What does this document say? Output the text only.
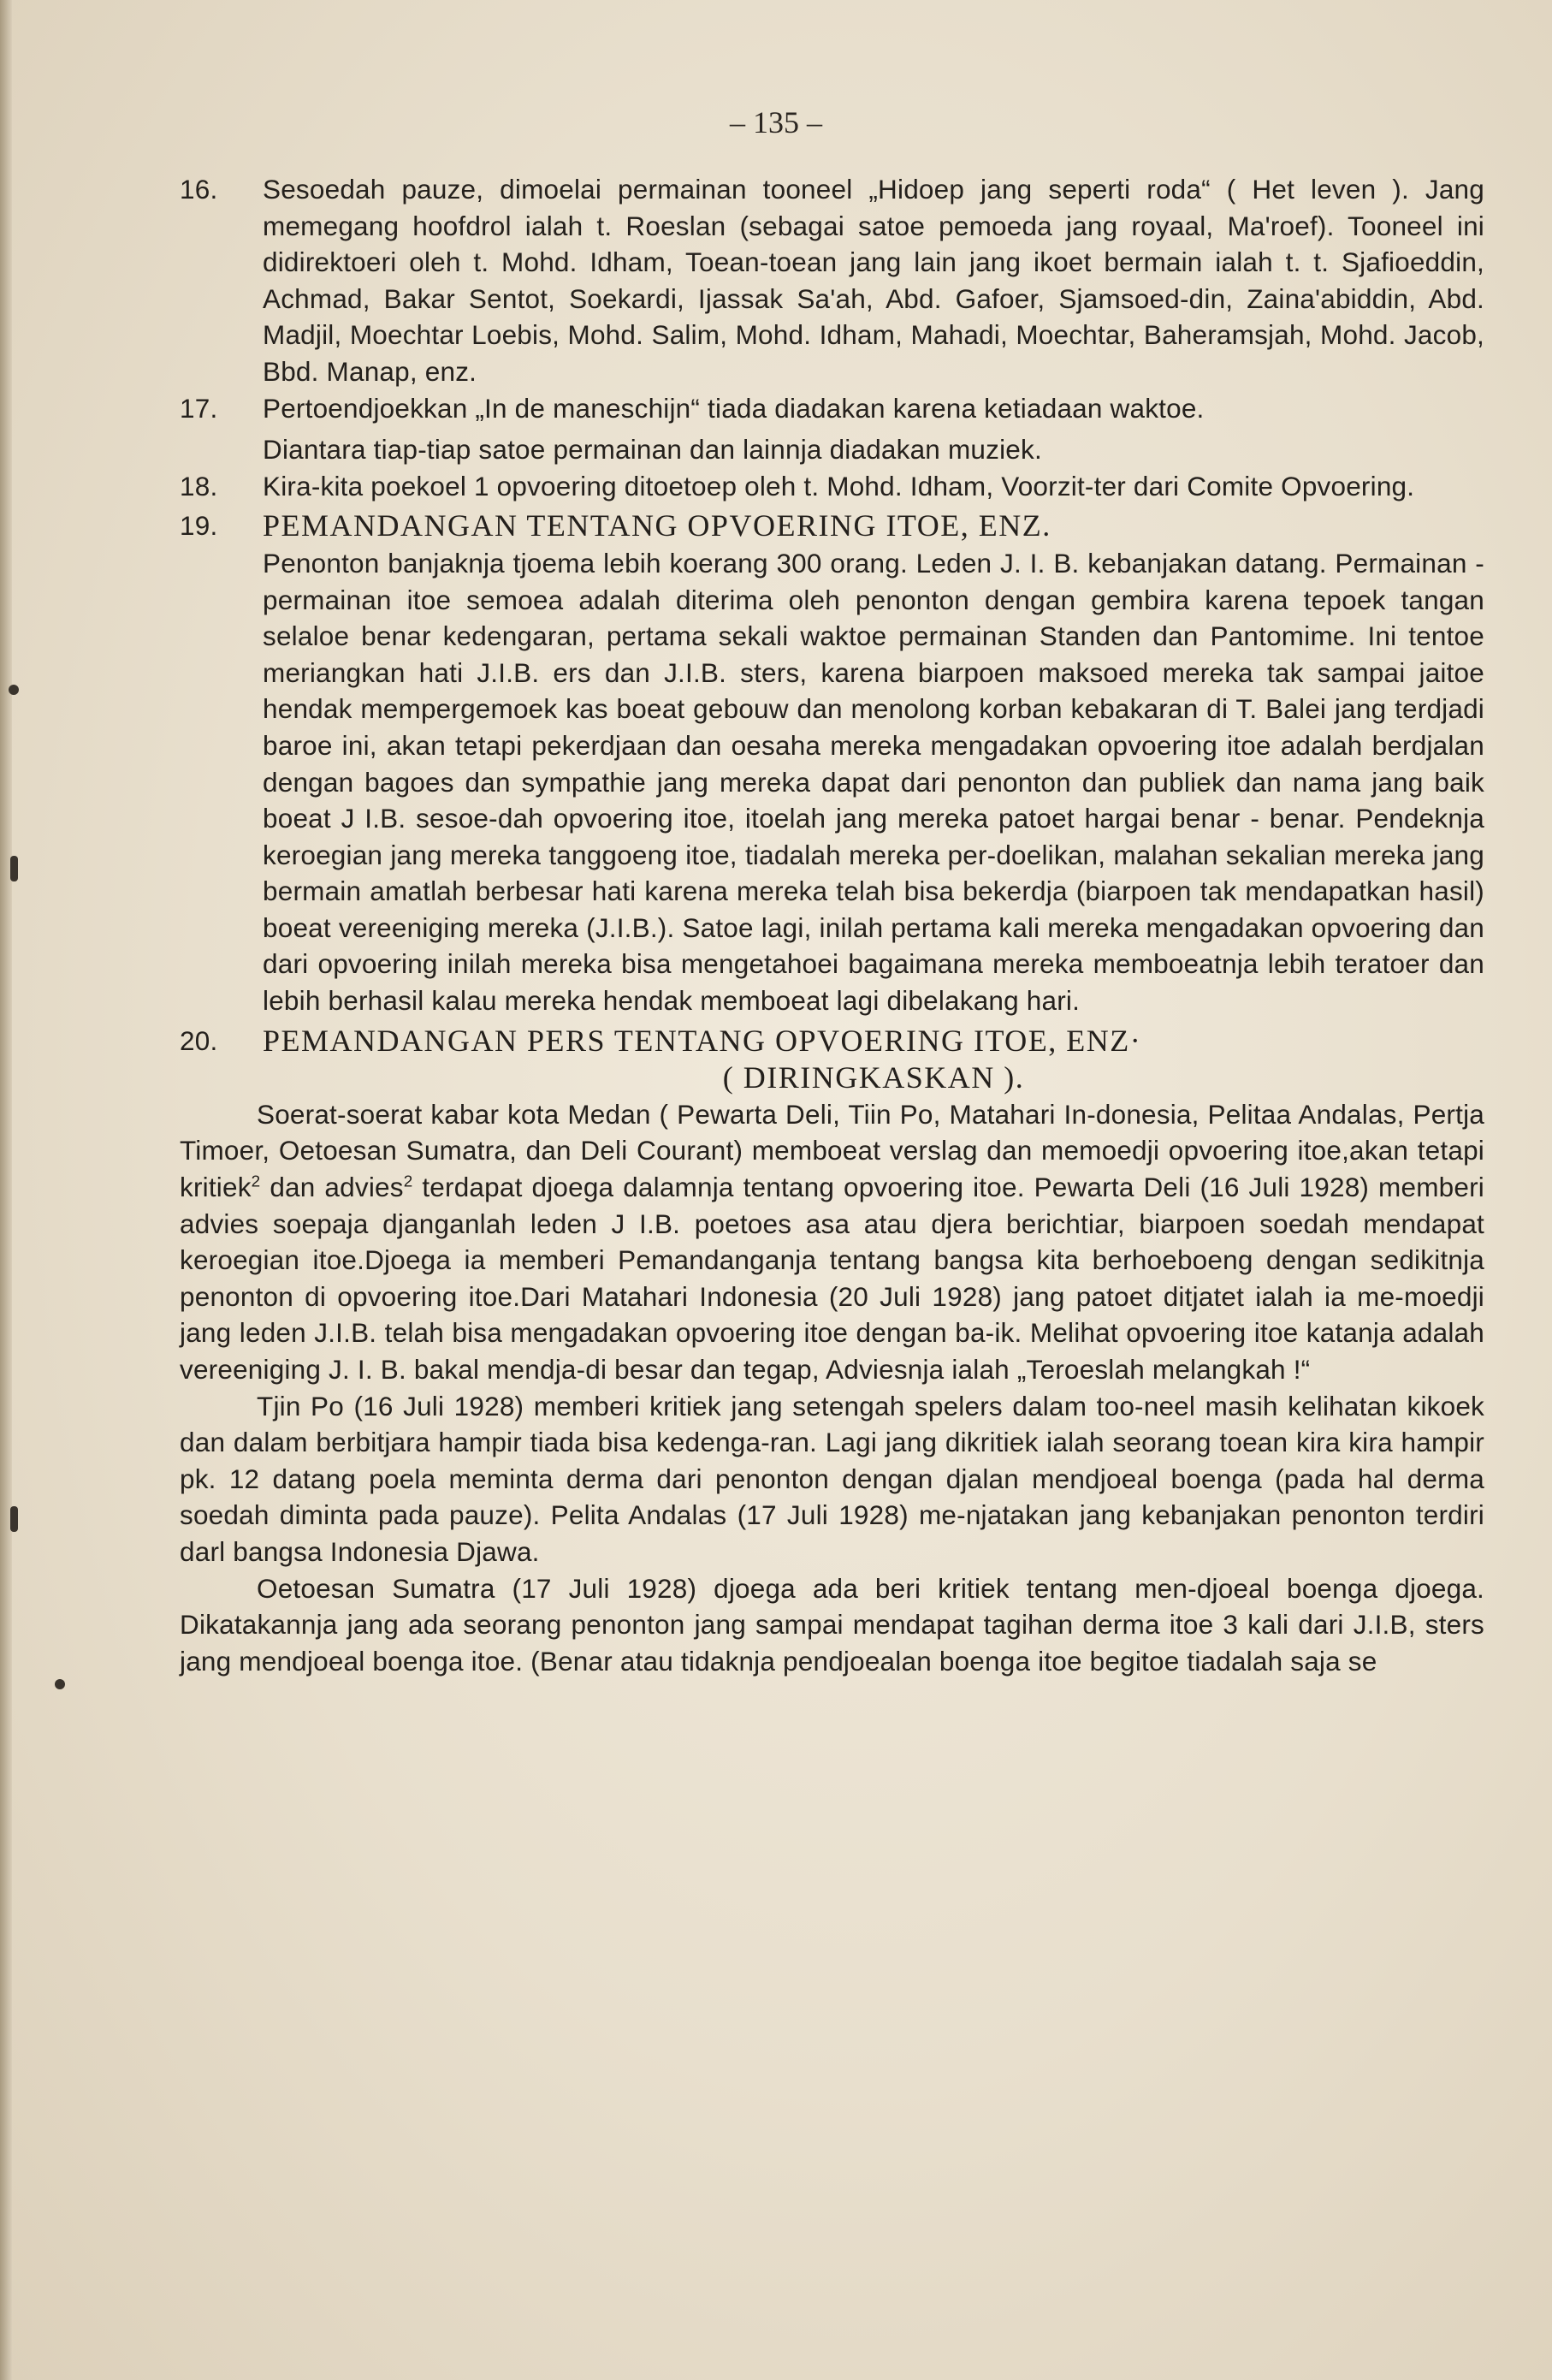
– 135 –
16. Sesoedah pauze, dimoelai permainan tooneel „Hidoep jang seperti roda“ ( Het leven ). Jang memegang hoofdrol ialah t. Roeslan (sebagai satoe pemoeda jang royaal, Ma'roef). Tooneel ini didirektoeri oleh t. Mohd. Idham, Toean-toean jang lain jang ikoet bermain ialah t. t. Sjafioeddin, Achmad, Bakar Sentot, Soekardi, Ijassak Sa'ah, Abd. Gafoer, Sjamsoed-din, Zaina'abiddin, Abd. Madjil, Moechtar Loebis, Mohd. Salim, Mohd. Idham, Mahadi, Moechtar, Baheramsjah, Mohd. Jacob, Bbd. Manap, enz.
17. Pertoendjoekkan „In de maneschijn“ tiada diadakan karena ketiadaan waktoe.

Diantara tiap-tiap satoe permainan dan lainnja diadakan muziek.

18. Kira-kita poekoel 1 opvoering ditoetoep oleh t. Mohd. Idham, Voorzit-ter dari Comite Opvoering.
19. PEMANDANGAN TENTANG OPVOERING ITOE, ENZ.

Penonton banjaknja tjoema lebih koerang 300 orang. Leden J. I. B. kebanjakan datang. Permainan - permainan itoe semoea adalah diterima oleh penonton dengan gembira karena tepoek tangan selaloe benar kedengaran, pertama sekali waktoe permainan Standen dan Pantomime. Ini tentoe meriangkan hati J.I.B. ers dan J.I.B. sters, karena biarpoen maksoed mereka tak sampai jaitoe hendak mempergemoek kas boeat gebouw dan menolong korban kebakaran di T. Balei jang terdjadi baroe ini, akan tetapi pekerdjaan dan oesaha mereka mengadakan opvoering itoe adalah berdjalan dengan bagoes dan sympathie jang mereka dapat dari penonton dan publiek dan nama jang baik boeat J I.B. sesoe-dah opvoering itoe, itoelah jang mereka patoet hargai benar - benar. Pendeknja keroegian jang mereka tanggoeng itoe, tiadalah mereka per-doelikan, malahan sekalian mereka jang bermain amatlah berbesar hati karena mereka telah bisa bekerdja (biarpoen tak mendapatkan hasil) boeat vereeniging mereka (J.I.B.). Satoe lagi, inilah pertama kali mereka mengadakan opvoering dan dari opvoering inilah mereka bisa mengetahoei bagaimana mereka memboeatnja lebih teratoer dan lebih berhasil kalau mereka hendak memboeat lagi dibelakang hari.

20. PEMANDANGAN PERS TENTANG OPVOERING ITOE, ENZ·
( DIRINGKASKAN ).

Soerat-soerat kabar kota Medan ( Pewarta Deli, Tiin Po, Matahari In-donesia, Pelitaa Andalas, Pertja Timoer, Oetoesan Sumatra, dan Deli Courant) memboeat verslag dan memoedji opvoering itoe,akan tetapi kritiek$^2$ dan advies$^2$ terdapat djoega dalamnja tentang opvoering itoe. Pewarta Deli (16 Juli 1928) memberi advies soepaja djanganlah leden J I.B. poetoes asa atau djera berichtiar, biarpoen soedah mendapat keroegian itoe.Djoega ia memberi Pemandanganja tentang bangsa kita berhoeboeng dengan sedikitnja penonton di opvoering itoe.Dari Matahari Indonesia (20 Juli 1928) jang patoet ditjatet ialah ia me-moedji jang leden J.I.B. telah bisa mengadakan opvoering itoe dengan ba-ik. Melihat opvoering itoe katanja adalah vereeniging J. I. B. bakal mendja-di besar dan tegap, Adviesnja ialah „Teroeslah melangkah !“

Tjin Po (16 Juli 1928) memberi kritiek jang setengah spelers dalam too-neel masih kelihatan kikoek dan dalam berbitjara hampir tiada bisa kedenga-ran. Lagi jang dikritiek ialah seorang toean kira kira hampir pk. 12 datang poela meminta derma dari penonton dengan djalan mendjoeal boenga (pada hal derma soedah diminta pada pauze). Pelita Andalas (17 Juli 1928) me-njatakan jang kebanjakan penonton terdiri darl bangsa Indonesia Djawa.

Oetoesan Sumatra (17 Juli 1928) djoega ada beri kritiek tentang men-djoeal boenga djoega. Dikatakannja jang ada seorang penonton jang sampai mendapat tagihan derma itoe 3 kali dari J.I.B, sters jang mendjoeal boenga itoe. (Benar atau tidaknja pendjoealan boenga itoe begitoe tiadalah saja se
